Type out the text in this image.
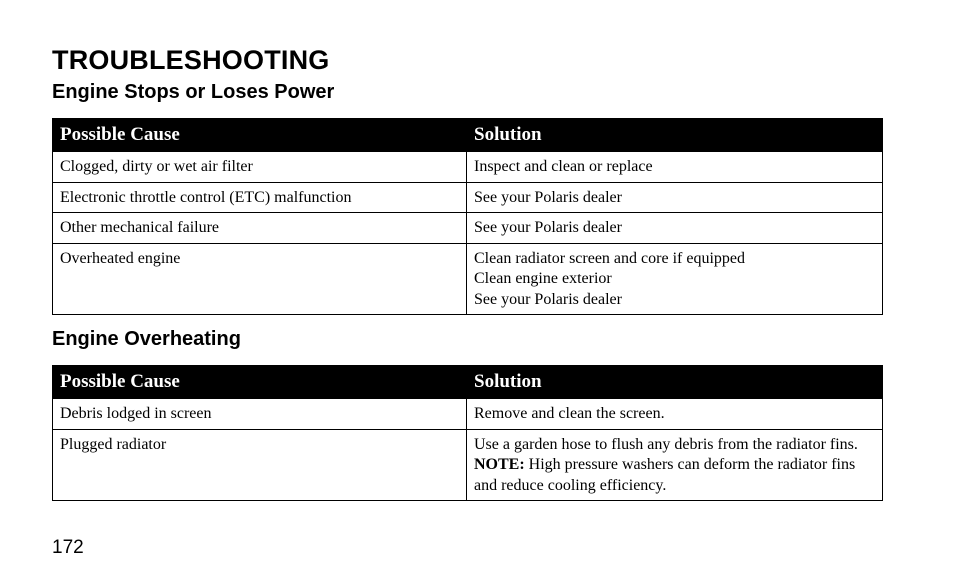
TROUBLESHOOTING
Engine Stops or Loses Power
Possible Cause	Solution
Clogged, dirty or wet air filter	Inspect and clean or replace

Electronic throttle control (ETC) malfunction	See your Polaris dealer

Other mechanical failure	See your Polaris dealer

Overheated engine	Clean radiator screen and core if equipped
Clean engine exterior
See your Polaris dealer
Engine Overheating
Possible Cause	Solution
Debris lodged in screen	Remove and clean the screen.

Plugged radiator	Use a garden hose to flush any debris from the radiator fins. NOTE: High pressure washers can deform the radiator fins and reduce cooling efficiency.
172
